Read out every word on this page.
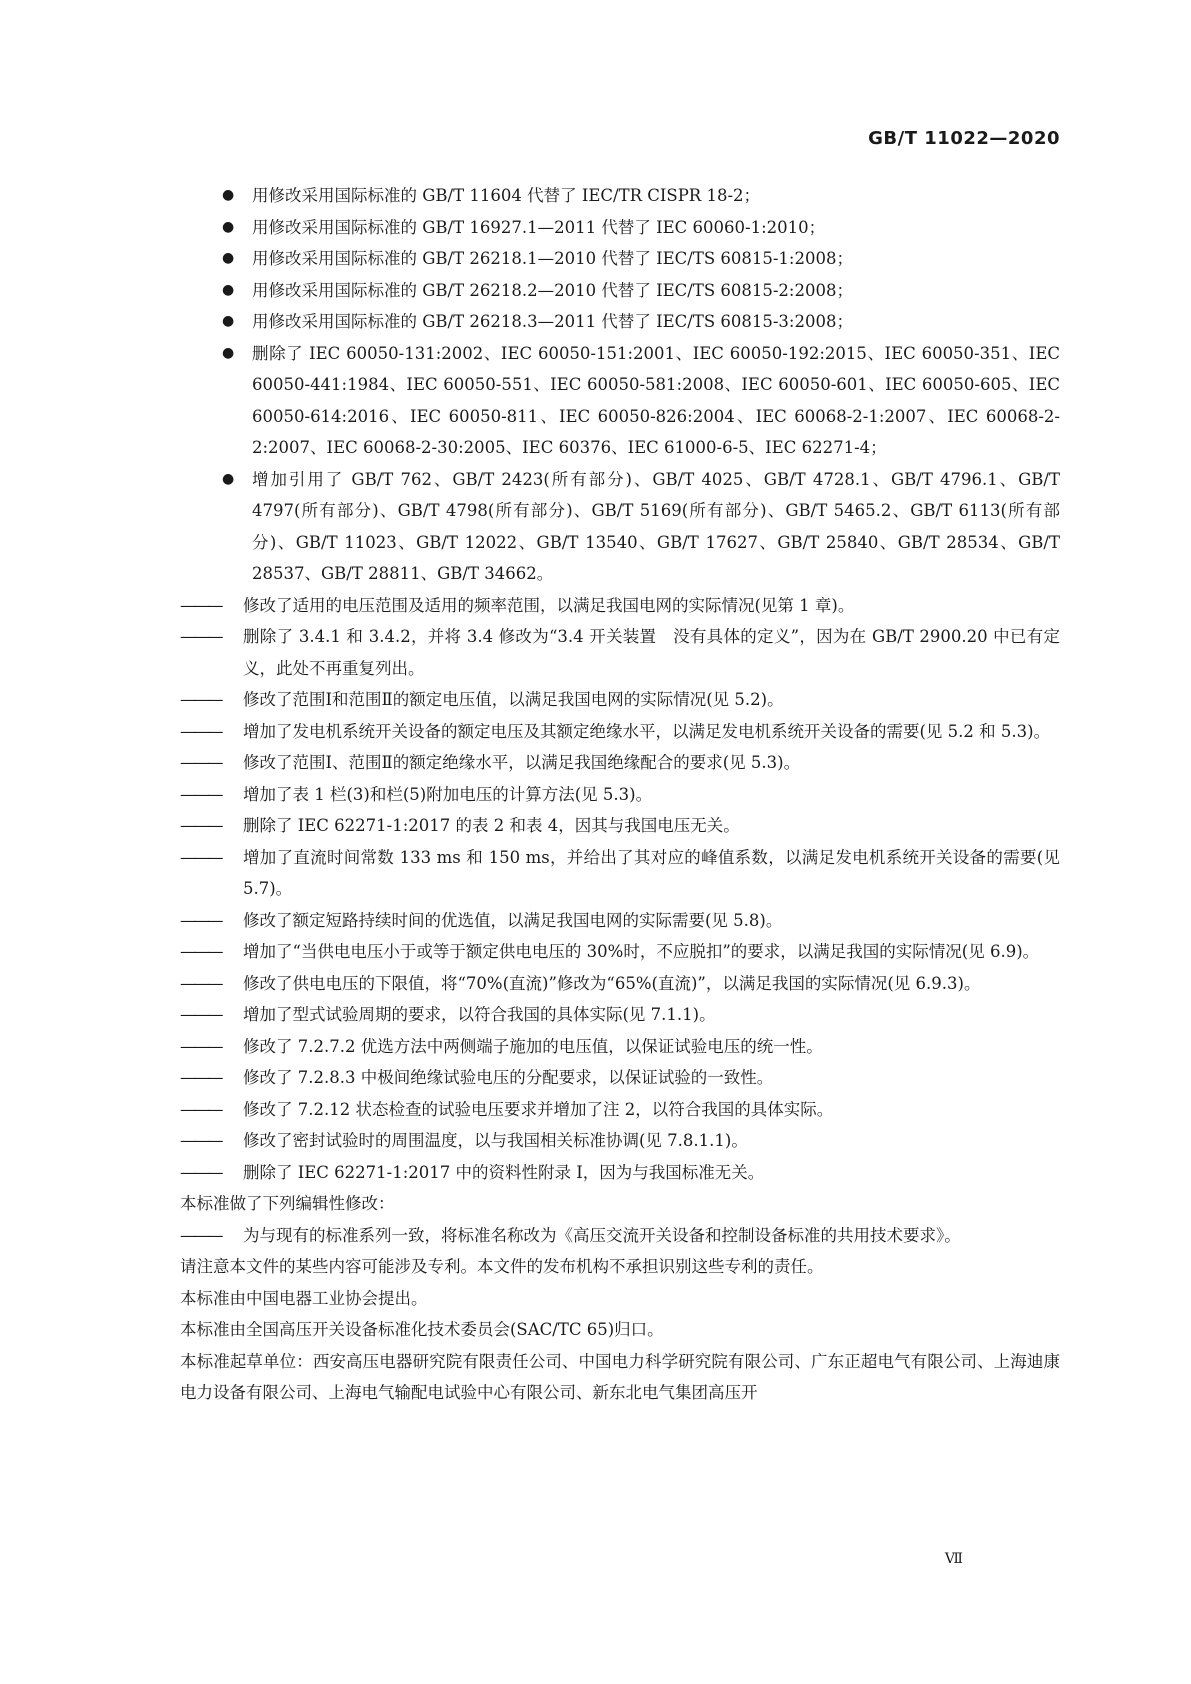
GB/T 11022—2020
● 用修改采用国际标准的 GB/T 11604 代替了 IEC/TR CISPR 18-2；
● 用修改采用国际标准的 GB/T 16927.1—2011 代替了 IEC 60060-1:2010；
● 用修改采用国际标准的 GB/T 26218.1—2010 代替了 IEC/TS 60815-1:2008；
● 用修改采用国际标准的 GB/T 26218.2—2010 代替了 IEC/TS 60815-2:2008；
● 用修改采用国际标准的 GB/T 26218.3—2011 代替了 IEC/TS 60815-3:2008；
● 删除了 IEC 60050-131:2002、IEC 60050-151:2001、IEC 60050-192:2015、IEC 60050-351、IEC 60050-441:1984、IEC 60050-551、IEC 60050-581:2008、IEC 60050-601、IEC 60050-605、IEC 60050-614:2016、IEC 60050-811、IEC 60050-826:2004、IEC 60068-2-1:2007、IEC 60068-2-2:2007、IEC 60068-2-30:2005、IEC 60376、IEC 61000-6-5、IEC 62271-4；
● 增加引用了 GB/T 762、GB/T 2423(所有部分)、GB/T 4025、GB/T 4728.1、GB/T 4796.1、GB/T 4797(所有部分)、GB/T 4798(所有部分)、GB/T 5169(所有部分)、GB/T 5465.2、GB/T 6113(所有部分)、GB/T 11023、GB/T 12022、GB/T 13540、GB/T 17627、GB/T 25840、GB/T 28534、GB/T 28537、GB/T 28811、GB/T 34662。
———	修改了适用的电压范围及适用的频率范围，以满足我国电网的实际情况(见第 1 章)。
———	删除了 3.4.1 和 3.4.2，并将 3.4 修改为“3.4 开关装置　没有具体的定义”，因为在 GB/T 2900.20 中已有定义，此处不再重复列出。
———	修改了范围Ⅰ和范围Ⅱ的额定电压值，以满足我国电网的实际情况(见 5.2)。
———	增加了发电机系统开关设备的额定电压及其额定绝缘水平，以满足发电机系统开关设备的需要(见 5.2 和 5.3)。
———	修改了范围Ⅰ、范围Ⅱ的额定绝缘水平，以满足我国绝缘配合的要求(见 5.3)。
———	增加了表 1 栏(3)和栏(5)附加电压的计算方法(见 5.3)。
———	删除了 IEC 62271-1:2017 的表 2 和表 4，因其与我国电压无关。
———	增加了直流时间常数 133 ms 和 150 ms，并给出了其对应的峰值系数，以满足发电机系统开关设备的需要(见 5.7)。
———	修改了额定短路持续时间的优选值，以满足我国电网的实际需要(见 5.8)。
———	增加了“当供电电压小于或等于额定供电电压的 30%时，不应脱扣”的要求，以满足我国的实际情况(见 6.9)。
———	修改了供电电压的下限值，将“70%(直流)”修改为“65%(直流)”，以满足我国的实际情况(见 6.9.3)。
———	增加了型式试验周期的要求，以符合我国的具体实际(见 7.1.1)。
———	修改了 7.2.7.2 优选方法中两侧端子施加的电压值，以保证试验电压的统一性。
———	修改了 7.2.8.3 中极间绝缘试验电压的分配要求，以保证试验的一致性。
———	修改了 7.2.12 状态检查的试验电压要求并增加了注 2，以符合我国的具体实际。
———	修改了密封试验时的周围温度，以与我国相关标准协调(见 7.8.1.1)。
———	删除了 IEC 62271-1:2017 中的资料性附录 I，因为与我国标准无关。
本标准做了下列编辑性修改：
———	为与现有的标准系列一致，将标准名称改为《高压交流开关设备和控制设备标准的共用技术要求》。
请注意本文件的某些内容可能涉及专利。本文件的发布机构不承担识别这些专利的责任。
本标准由中国电器工业协会提出。
本标准由全国高压开关设备标准化技术委员会(SAC/TC 65)归口。
本标准起草单位：西安高压电器研究院有限责任公司、中国电力科学研究院有限公司、广东正超电气有限公司、上海迪康电力设备有限公司、上海电气输配电试验中心有限公司、新东北电气集团高压开
Ⅶ
